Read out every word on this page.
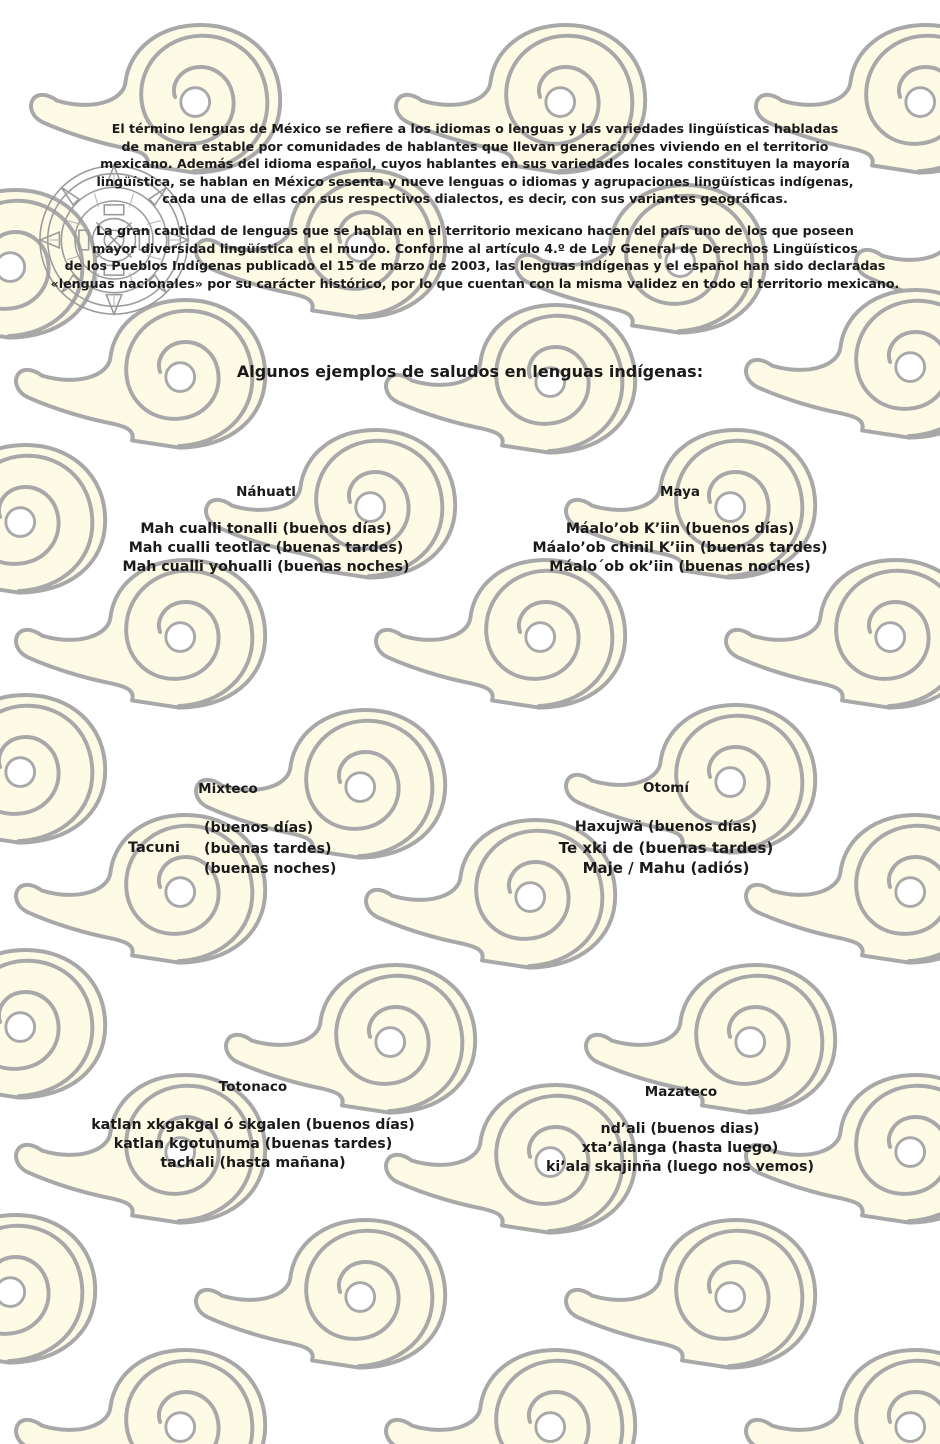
El término lenguas de México se refiere a los idiomas o lenguas y las variedades lingüísticas habladas
de manera estable por comunidades de hablantes que llevan generaciones viviendo en el territorio
mexicano. Además del idioma español, cuyos hablantes en sus variedades locales constituyen la mayoría
lingüística, se hablan en México sesenta y nueve lenguas o idiomas y agrupaciones lingüísticas indígenas,
cada una de ellas con sus respectivos dialectos, es decir, con sus variantes geográficas.

La gran cantidad de lenguas que se hablan en el territorio mexicano hacen del país uno de los que poseen
mayor diversidad lingüística en el mundo. Conforme al artículo 4.º de Ley General de Derechos Lingüísticos
de los Pueblos Indígenas publicado el 15 de marzo de 2003, las lenguas indígenas y el español han sido declaradas
«lenguas nacionales» por su carácter histórico, por lo que cuentan con la misma validez en todo el territorio mexicano.

Algunos ejemplos de saludos en lenguas indígenas:
Náhuatl
Mah cualli tonalli (buenos días)
Mah cualli teotlac (buenas tardes)
Mah cualli yohualli (buenas noches)
Maya
Máalo’ob K’iin (buenos días)
Máalo’ob chinil K’iin (buenas tardes)
Máalo´ob ok’iin (buenas noches)
Mixteco
Tacuni
(buenos días)
(buenas tardes)
(buenas noches)
Otomí
Haxujwä (buenos días)
Te xki de (buenas tardes)
Maje / Mahu (adiós)
Totonaco
katlan xkgakgal ó skgalen (buenos días)
katlan kgotunuma (buenas tardes)
tachali (hasta mañana)
Mazateco
nd’ali (buenos dias)
xta’alanga (hasta luego)
ki’ala skajinña (luego nos vemos)
